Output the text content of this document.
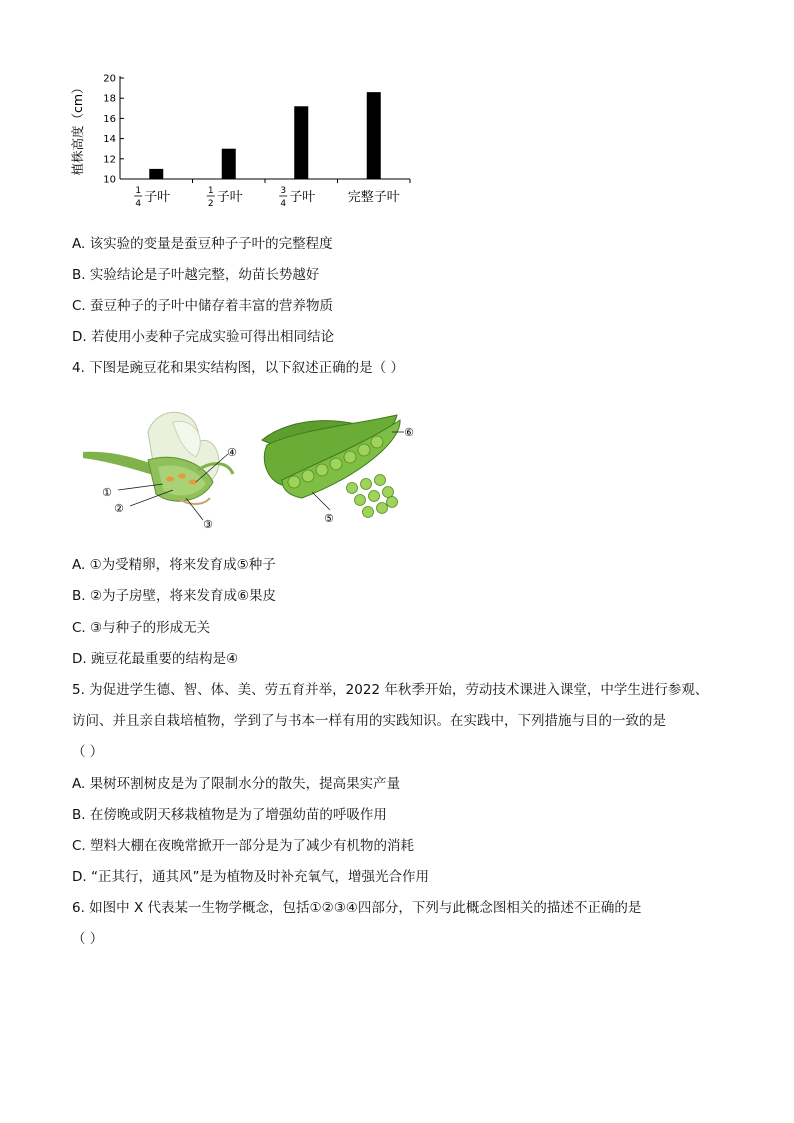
10
12
14
16
18
20
植株高度（cm）
1
4 子叶	1
2 子叶	3
4 子叶 完整子叶
A. 该实验的变量是蚕豆种子子叶的完整程度
B. 实验结论是子叶越完整，幼苗长势越好
C. 蚕豆种子的子叶中储存着丰富的营养物质
D. 若使用小麦种子完成实验可得出相同结论
4. 下图是豌豆花和果实结构图，以下叙述正确的是（ ）
④
①
②
③
⑥
⑤
A. ①为受精卵，将来发育成⑤种子
B. ②为子房壁，将来发育成⑥果皮
C. ③与种子的形成无关
D. 豌豆花最重要的结构是④
5. 为促进学生德、智、体、美、劳五育并举，2022 年秋季开始，劳动技术课进入课堂，中学生进行参观、
访问、并且亲自栽培植物，学到了与书本一样有用的实践知识。在实践中，下列措施与目的一致的是
（ ）
A. 果树环割树皮是为了限制水分的散失，提高果实产量
B. 在傍晚或阴天移栽植物是为了增强幼苗的呼吸作用
C. 塑料大棚在夜晚常掀开一部分是为了减少有机物的消耗
D. “正其行，通其风”是为植物及时补充氧气，增强光合作用
6. 如图中 X 代表某一生物学概念，包括①②③④四部分，下列与此概念图相关的描述不正确的是
（ ）
